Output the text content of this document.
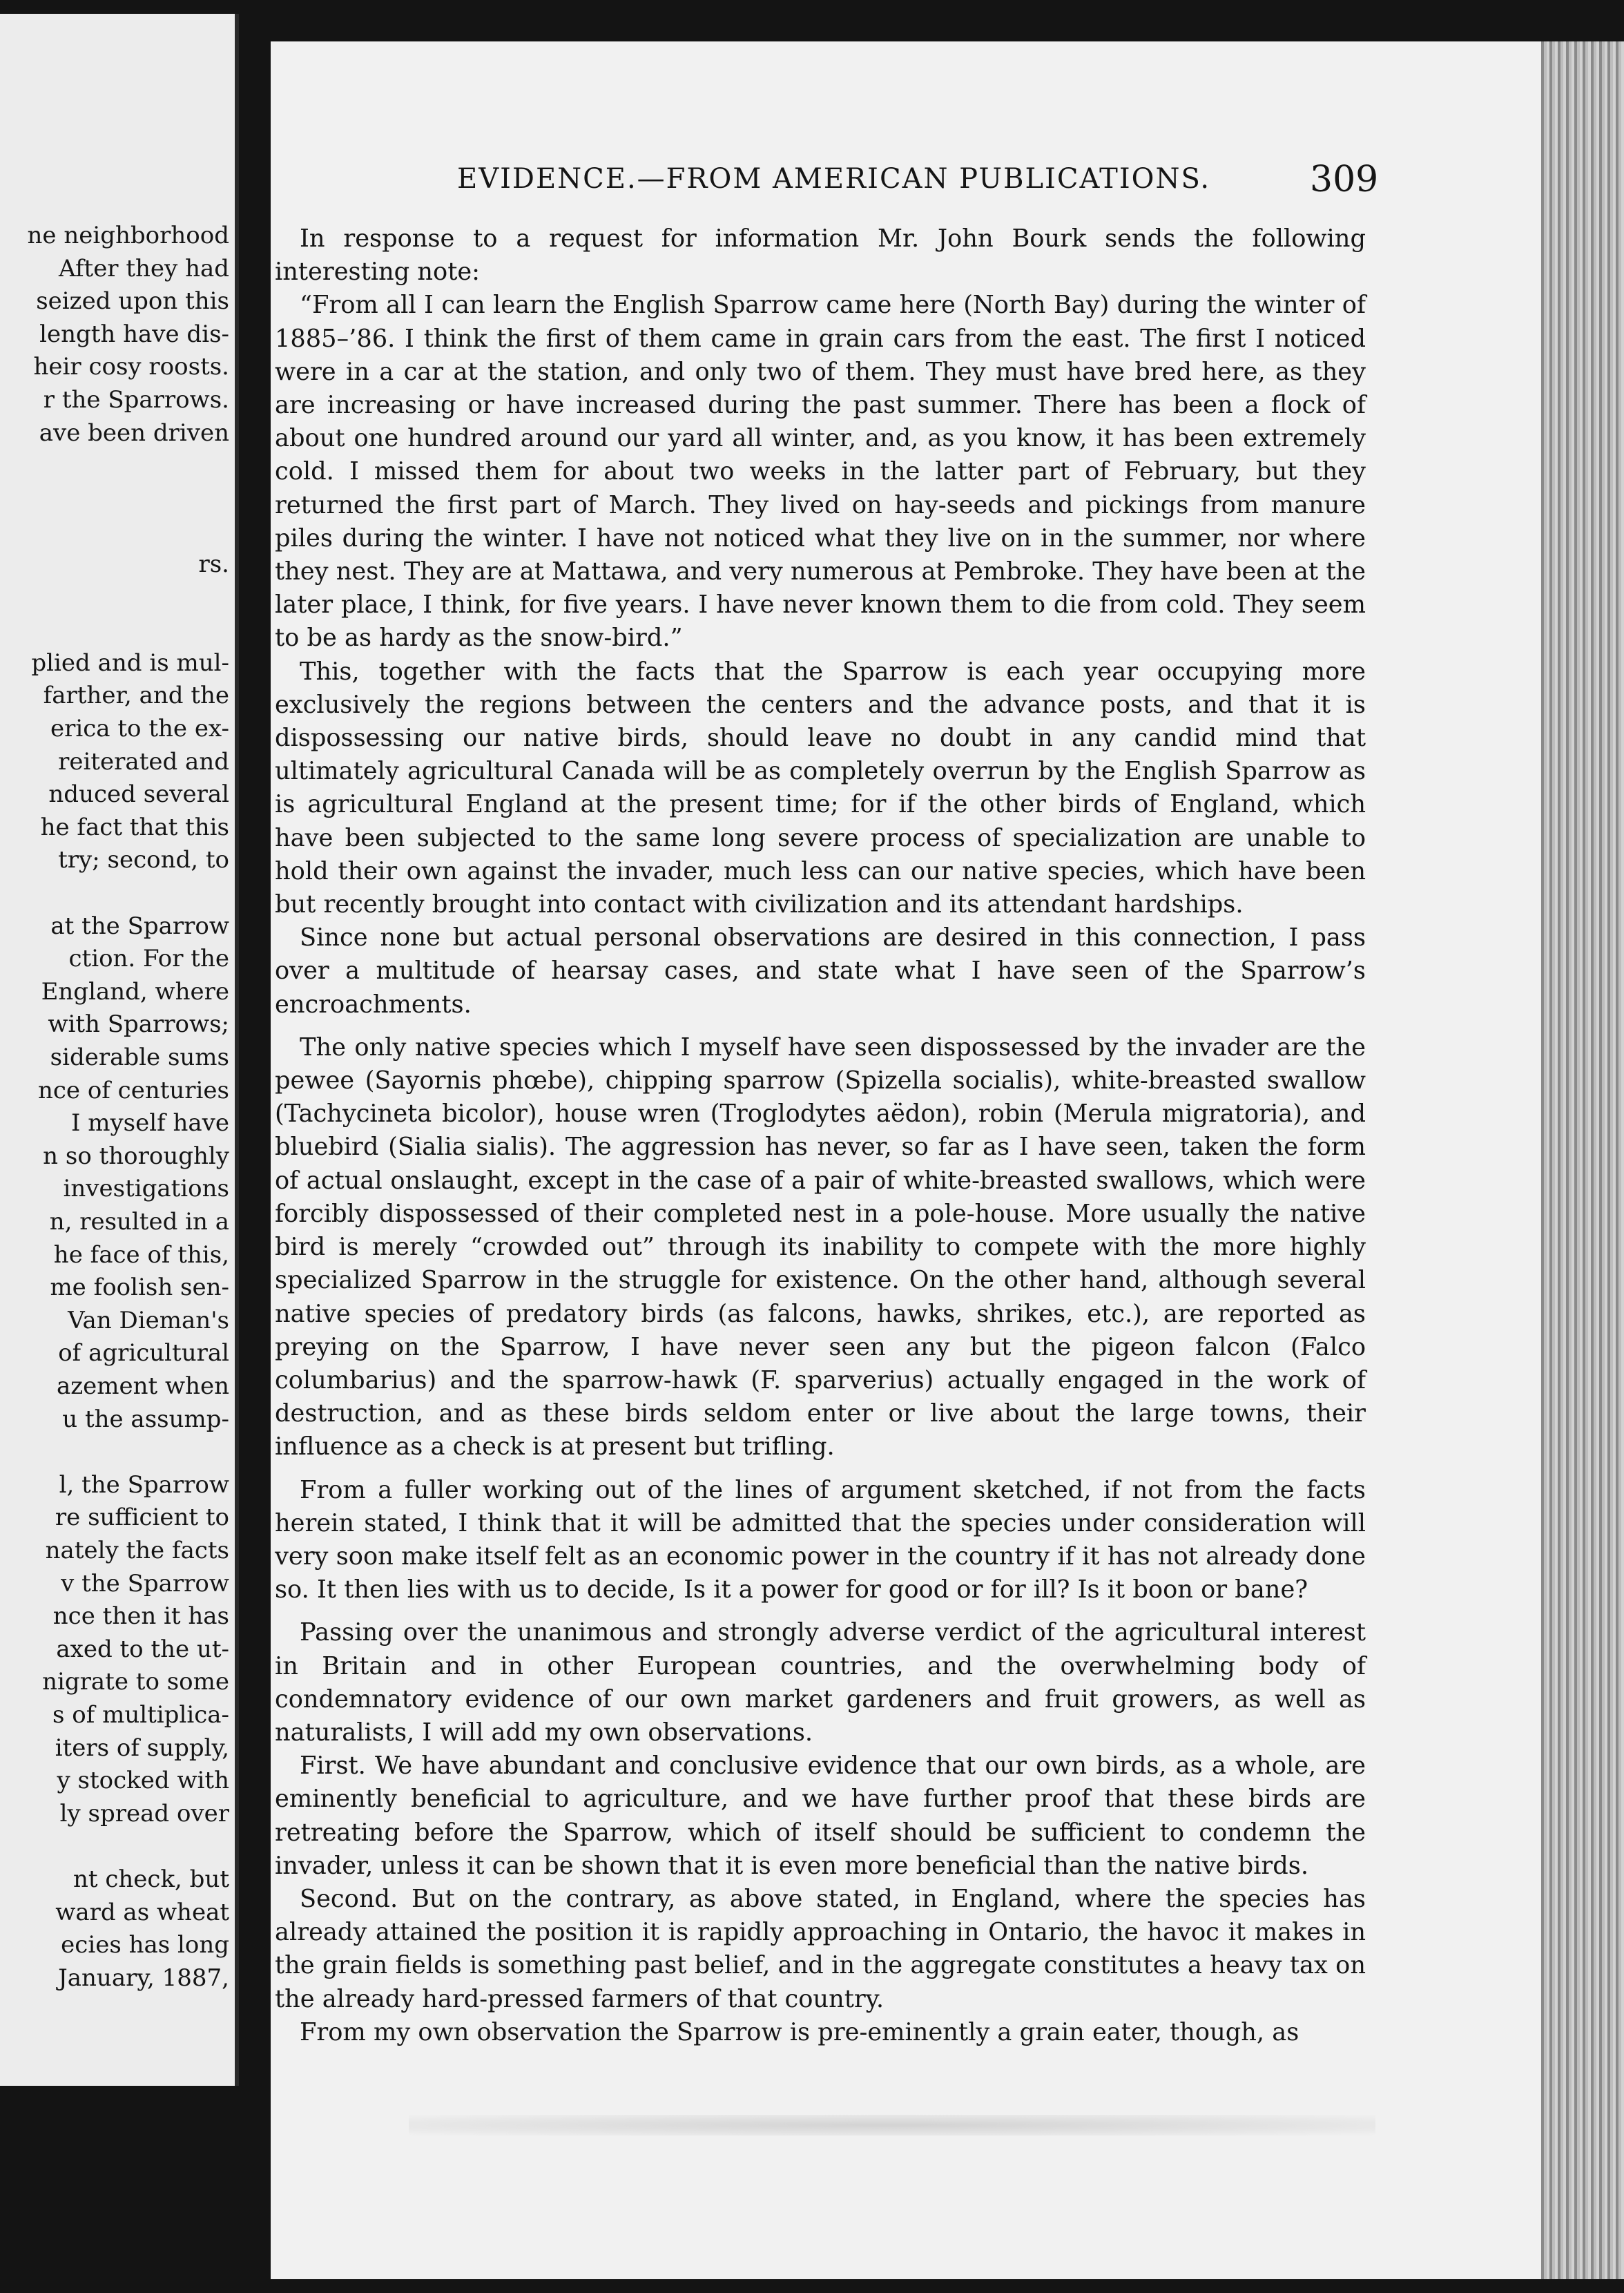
ne neighborhood
After they had
seized upon this
length have dis-
heir cosy roosts.
r the Sparrows.
ave been driven
rs.
plied and is mul-
farther, and the
erica to the ex-
reiterated and
nduced several
he fact that this
try; second, to
at the Sparrow
ction. For the
England, where
with Sparrows;
siderable sums
nce of centuries
I myself have
n so thoroughly
investigations
n, resulted in a
he face of this,
me foolish sen-
Van Dieman's
of agricultural
azement when
u the assump-
l, the Sparrow
re sufficient to
nately the facts
v the Sparrow
nce then it has
axed to the ut-
nigrate to some
s of multiplica-
iters of supply,
y stocked with
ly spread over
nt check, but
ward as wheat
ecies has long
January, 1887,
EVIDENCE.—FROM AMERICAN PUBLICATIONS.	309

In response to a request for information Mr. John Bourk sends the following interesting note:

“From all I can learn the English Sparrow came here (North Bay) during the winter of 1885–’86. I think the first of them came in grain cars from the east. The first I noticed were in a car at the station, and only two of them. They must have bred here, as they are increasing or have increased during the past summer. There has been a flock of about one hundred around our yard all winter, and, as you know, it has been extremely cold. I missed them for about two weeks in the latter part of February, but they returned the first part of March. They lived on hay-seeds and pickings from manure piles during the winter. I have not noticed what they live on in the summer, nor where they nest. They are at Mattawa, and very numerous at Pembroke. They have been at the later place, I think, for five years. I have never known them to die from cold. They seem to be as hardy as the snow-bird.”

This, together with the facts that the Sparrow is each year occupying more exclusively the regions between the centers and the advance posts, and that it is dispossessing our native birds, should leave no doubt in any candid mind that ultimately agricultural Canada will be as completely overrun by the English Sparrow as is agricultural England at the present time; for if the other birds of England, which have been subjected to the same long severe process of specialization are unable to hold their own against the invader, much less can our native species, which have been but recently brought into contact with civilization and its attendant hardships.

Since none but actual personal observations are desired in this connection, I pass over a multitude of hearsay cases, and state what I have seen of the Sparrow’s encroachments.

The only native species which I myself have seen dispossessed by the invader are the pewee (Sayornis phœbe), chipping sparrow (Spizella socialis), white-breasted swallow (Tachycineta bicolor), house wren (Troglodytes aëdon), robin (Merula migratoria), and bluebird (Sialia sialis). The aggression has never, so far as I have seen, taken the form of actual onslaught, except in the case of a pair of white-breasted swallows, which were forcibly dispossessed of their completed nest in a pole-house. More usually the native bird is merely “crowded out” through its inability to compete with the more highly specialized Sparrow in the struggle for existence. On the other hand, although several native species of predatory birds (as falcons, hawks, shrikes, etc.), are reported as preying on the Sparrow, I have never seen any but the pigeon falcon (Falco columbarius) and the sparrow-hawk (F. sparverius) actually engaged in the work of destruction, and as these birds seldom enter or live about the large towns, their influence as a check is at present but trifling.

From a fuller working out of the lines of argument sketched, if not from the facts herein stated, I think that it will be admitted that the species under consideration will very soon make itself felt as an economic power in the country if it has not already done so. It then lies with us to decide, Is it a power for good or for ill? Is it boon or bane?

Passing over the unanimous and strongly adverse verdict of the agricultural interest in Britain and in other European countries, and the overwhelming body of condemnatory evidence of our own market gardeners and fruit growers, as well as naturalists, I will add my own observations.

First. We have abundant and conclusive evidence that our own birds, as a whole, are eminently beneficial to agriculture, and we have further proof that these birds are retreating before the Sparrow, which of itself should be sufficient to condemn the invader, unless it can be shown that it is even more beneficial than the native birds.

Second. But on the contrary, as above stated, in England, where the species has already attained the position it is rapidly approaching in Ontario, the havoc it makes in the grain fields is something past belief, and in the aggregate constitutes a heavy tax on the already hard-pressed farmers of that country.

From my own observation the Sparrow is pre-eminently a grain eater, though, as
